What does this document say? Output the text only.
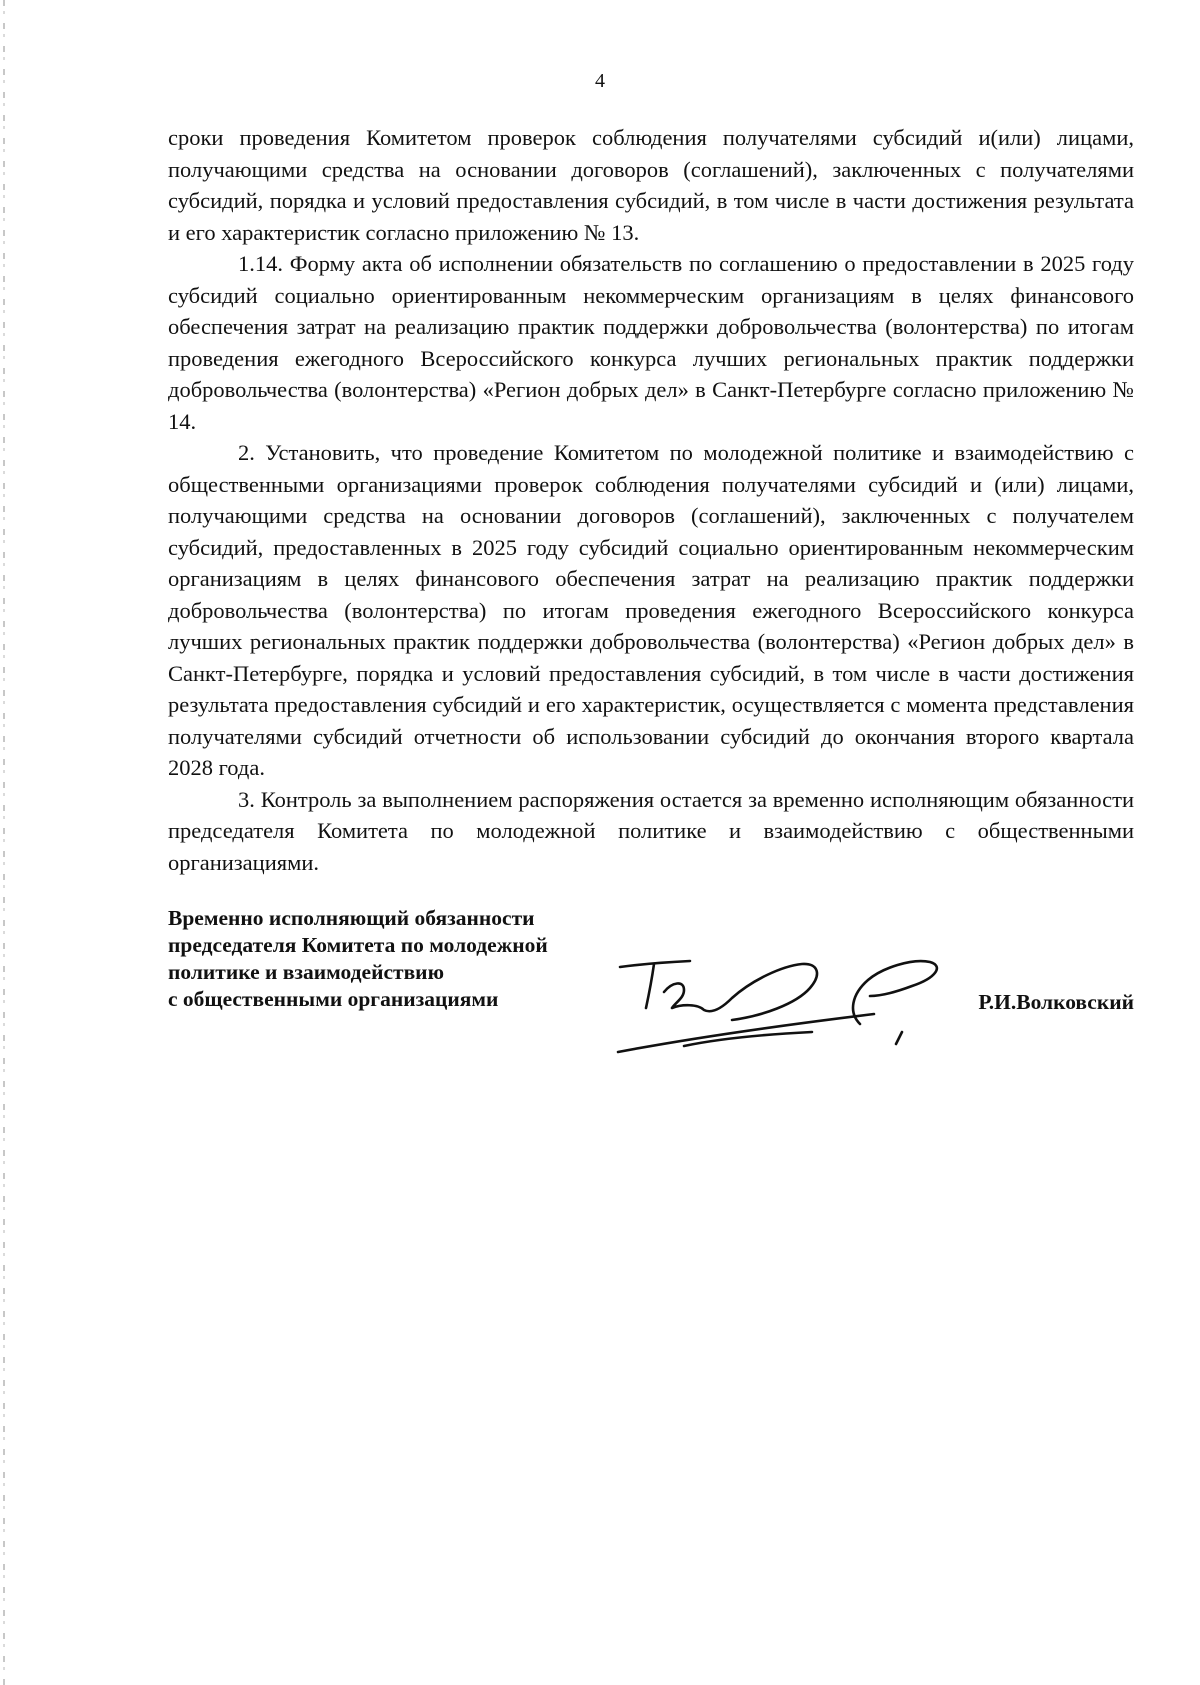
4

сроки проведения Комитетом проверок соблюдения получателями субсидий и(или) лицами, получающими средства на основании договоров (соглашений), заключенных с получателями субсидий, порядка и условий предоставления субсидий, в том числе в части достижения результата и его характеристик согласно приложению № 13.

1.14. Форму акта об исполнении обязательств по соглашению о предоставлении в 2025 году субсидий социально ориентированным некоммерческим организациям в целях финансового обеспечения затрат на реализацию практик поддержки добровольчества (волонтерства) по итогам проведения ежегодного Всероссийского конкурса лучших региональных практик поддержки добровольчества (волонтерства) «Регион добрых дел» в Санкт-Петербурге согласно приложению № 14.

2. Установить, что проведение Комитетом по молодежной политике и взаимодействию с общественными организациями проверок соблюдения получателями субсидий и (или) лицами, получающими средства на основании договоров (соглашений), заключенных с получателем субсидий, предоставленных в 2025 году субсидий социально ориентированным некоммерческим организациям в целях финансового обеспечения затрат на реализацию практик поддержки добровольчества (волонтерства) по итогам проведения ежегодного Всероссийского конкурса лучших региональных практик поддержки добровольчества (волонтерства) «Регион добрых дел» в Санкт-Петербурге, порядка и условий предоставления субсидий, в том числе в части достижения результата предоставления субсидий и его характеристик, осуществляется с момента представления получателями субсидий отчетности об использовании субсидий до окончания второго квартала 2028 года.

3. Контроль за выполнением распоряжения остается за временно исполняющим обязанности председателя Комитета по молодежной политике и взаимодействию с общественными организациями.

Временно исполняющий обязанности
председателя Комитета по молодежной
политике и взаимодействию
с общественными организациями	Р.И.Волковский
